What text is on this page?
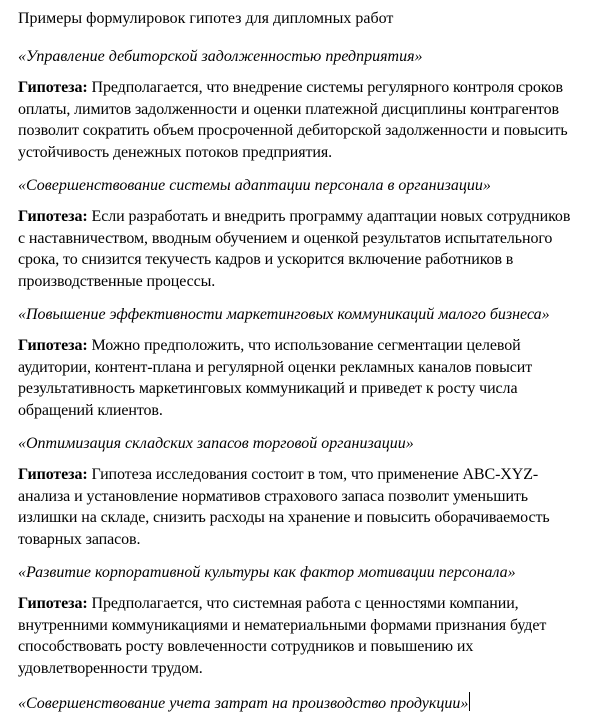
Примеры формулировок гипотез для дипломных работ
«Управление дебиторской задолженностью предприятия»
Гипотеза: Предполагается, что внедрение системы регулярного контроля сроков
оплаты, лимитов задолженности и оценки платежной дисциплины контрагентов
позволит сократить объем просроченной дебиторской задолженности и повысить
устойчивость денежных потоков предприятия.
«Совершенствование системы адаптации персонала в организации»
Гипотеза: Если разработать и внедрить программу адаптации новых сотрудников
с наставничеством, вводным обучением и оценкой результатов испытательного
срока, то снизится текучесть кадров и ускорится включение работников в
производственные процессы.
«Повышение эффективности маркетинговых коммуникаций малого бизнеса»
Гипотеза: Можно предположить, что использование сегментации целевой
аудитории, контент-плана и регулярной оценки рекламных каналов повысит
результативность маркетинговых коммуникаций и приведет к росту числа
обращений клиентов.
«Оптимизация складских запасов торговой организации»
Гипотеза: Гипотеза исследования состоит в том, что применение ABC-XYZ-
анализа и установление нормативов страхового запаса позволит уменьшить
излишки на складе, снизить расходы на хранение и повысить оборачиваемость
товарных запасов.
«Развитие корпоративной культуры как фактор мотивации персонала»
Гипотеза: Предполагается, что системная работа с ценностями компании,
внутренними коммуникациями и нематериальными формами признания будет
способствовать росту вовлеченности сотрудников и повышению их
удовлетворенности трудом.
«Совершенствование учета затрат на производство продукции»
